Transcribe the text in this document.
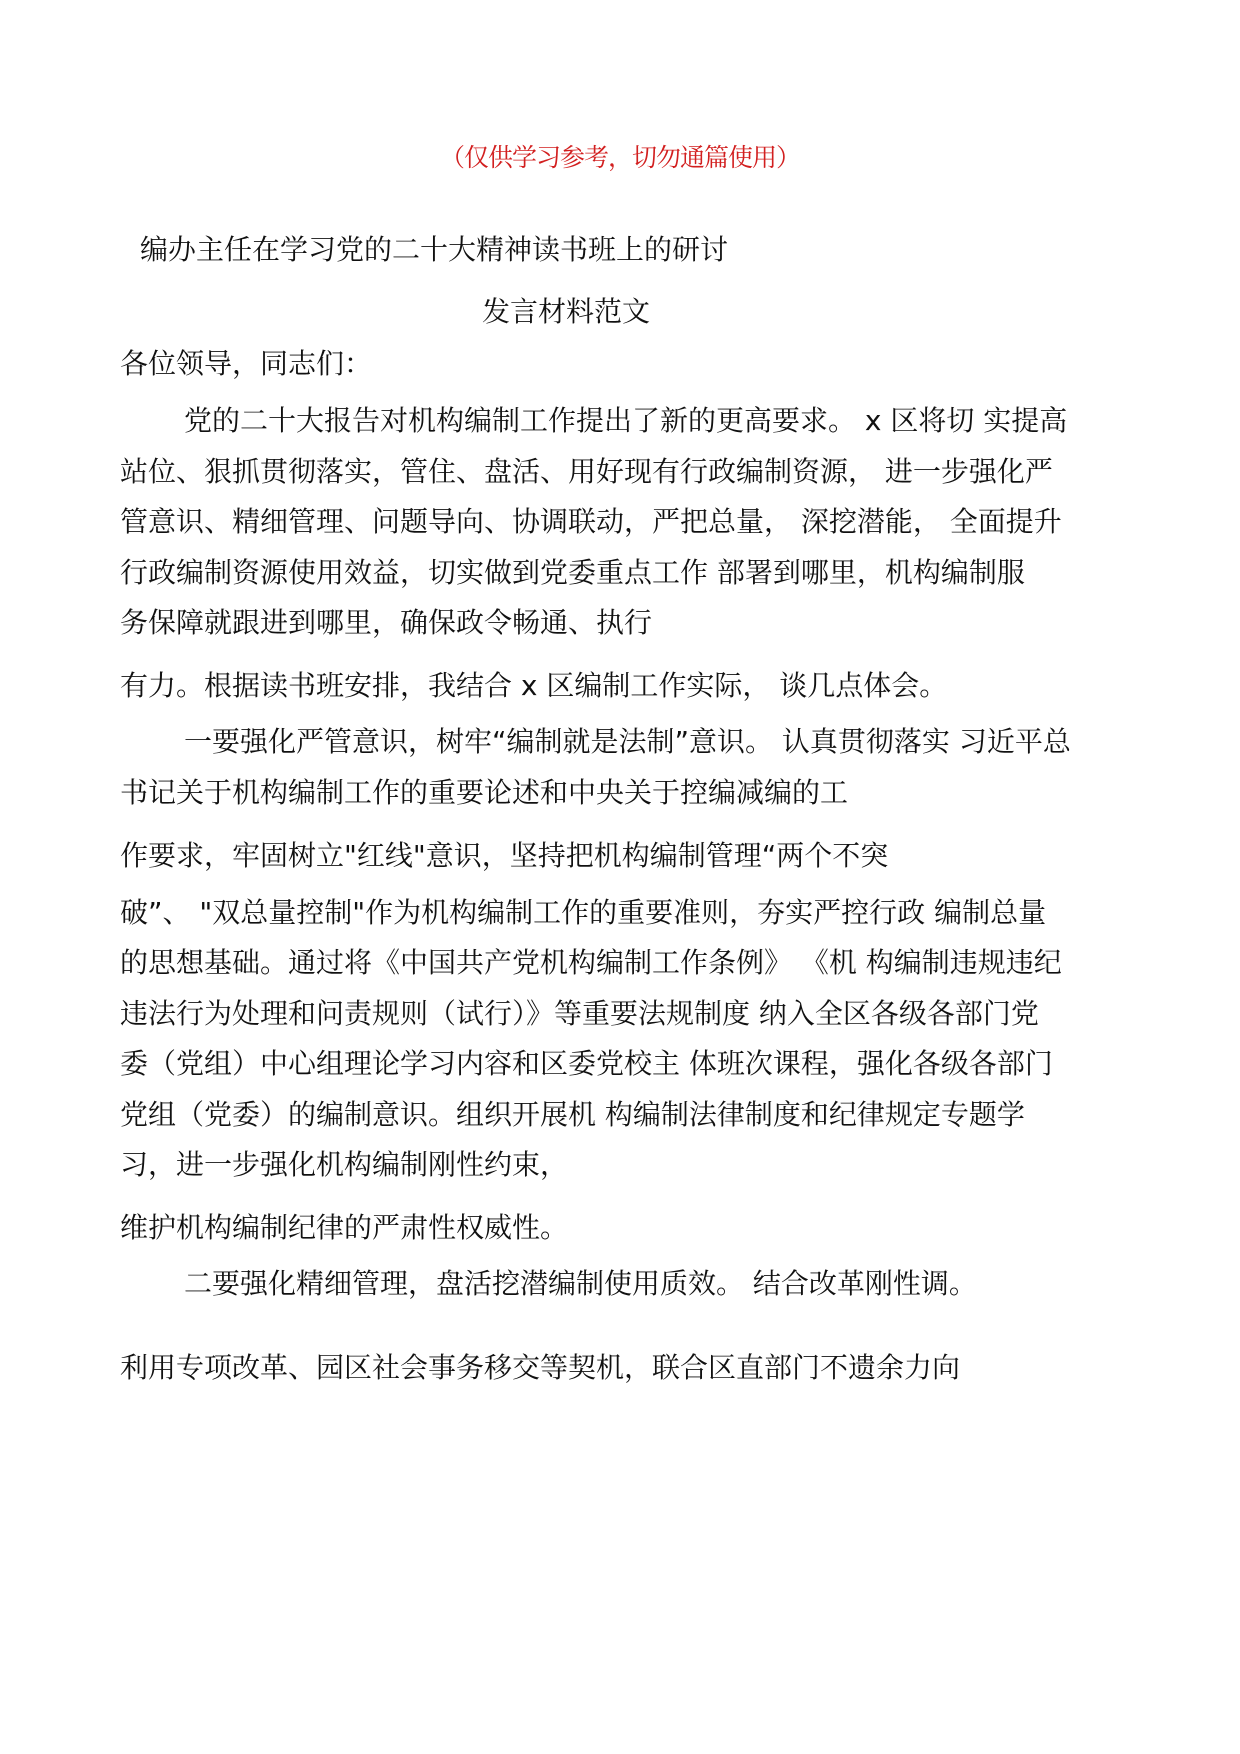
（仅供学习参考，切勿通篇使用）
编办主任在学习党的二十大精神读书班上的研讨
发言材料范文
各位领导，同志们：
党的二十大报告对机构编制工作提出了新的更高要求。 x 区将切 实提高
站位、狠抓贯彻落实，管住、盘活、用好现有行政编制资源， 进一步强化严
管意识、精细管理、问题导向、协调联动，严把总量， 深挖潜能， 全面提升
行政编制资源使用效益，切实做到党委重点工作 部署到哪里，机构编制服
务保障就跟进到哪里，确保政令畅通、执行
有力。根据读书班安排，我结合 x 区编制工作实际， 谈几点体会。
一要强化严管意识，树牢“编制就是法制”意识。 认真贯彻落实 习近平总
书记关于机构编制工作的重要论述和中央关于控编减编的工
作要求，牢固树立"红线"意识，坚持把机构编制管理“两个不突
破”、 "双总量控制"作为机构编制工作的重要准则，夯实严控行政 编制总量
的思想基础。通过将《中国共产党机构编制工作条例》 《机 构编制违规违纪
违法行为处理和问责规则（试行）》等重要法规制度 纳入全区各级各部门党
委（党组）中心组理论学习内容和区委党校主 体班次课程，强化各级各部门
党组（党委）的编制意识。组织开展机 构编制法律制度和纪律规定专题学
习，进一步强化机构编制刚性约束，
维护机构编制纪律的严肃性权威性。
二要强化精细管理，盘活挖潜编制使用质效。 结合改革刚性调。
利用专项改革、园区社会事务移交等契机，联合区直部门不遗余力向
